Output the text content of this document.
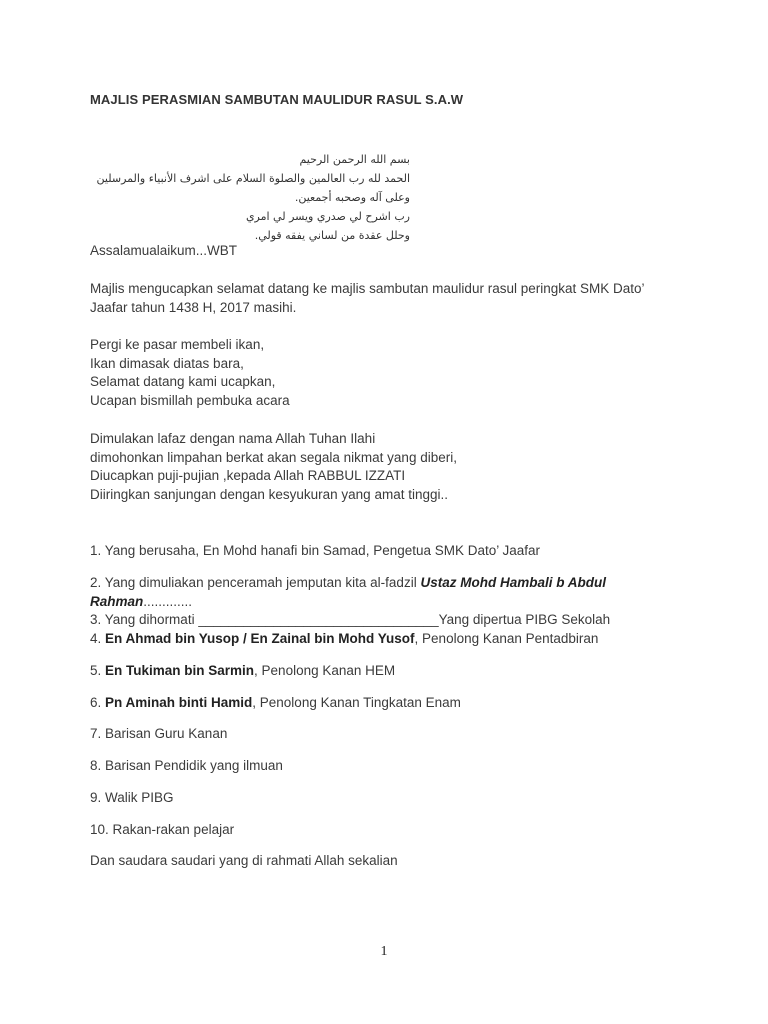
MAJLIS PERASMIAN SAMBUTAN MAULIDUR RASUL S.A.W
بسم الله الرحمن الرحيم
الحمد لله رب العالمين والصلوة السلام على اشرف الأنبياء والمرسلين
وعلى آله وصحبه أجمعين.
رب اشرح لي صدري ويسر لي امري
وحلل عقدة من لساني يفقه قولي.
Assalamualaikum...WBT
Majlis mengucapkan selamat datang ke majlis sambutan maulidur rasul peringkat SMK Dato’
Jaafar tahun 1438 H, 2017 masihi.
Pergi ke pasar membeli ikan,
Ikan dimasak diatas bara,
Selamat datang kami ucapkan,
Ucapan bismillah pembuka acara
Dimulakan lafaz dengan nama Allah Tuhan Ilahi
dimohonkan limpahan berkat akan segala nikmat yang diberi,
Diucapkan puji-pujian ,kepada Allah RABBUL IZZATI
Diiringkan sanjungan dengan kesyukuran yang amat tinggi..
1. Yang berusaha, En Mohd hanafi bin Samad, Pengetua SMK Dato’ Jaafar
2. Yang dimuliakan penceramah jemputan kita al-fadzil Ustaz Mohd Hambali b Abdul
Rahman.............
3. Yang dihormati ________________________________Yang dipertua PIBG Sekolah
4. En Ahmad bin Yusop / En Zainal bin Mohd Yusof, Penolong Kanan Pentadbiran
5. En Tukiman bin Sarmin, Penolong Kanan HEM
6. Pn Aminah binti Hamid, Penolong Kanan Tingkatan Enam
7. Barisan Guru Kanan
8. Barisan Pendidik yang ilmuan
9. Walik PIBG
10. Rakan-rakan pelajar
Dan saudara saudari yang di rahmati Allah sekalian
1
